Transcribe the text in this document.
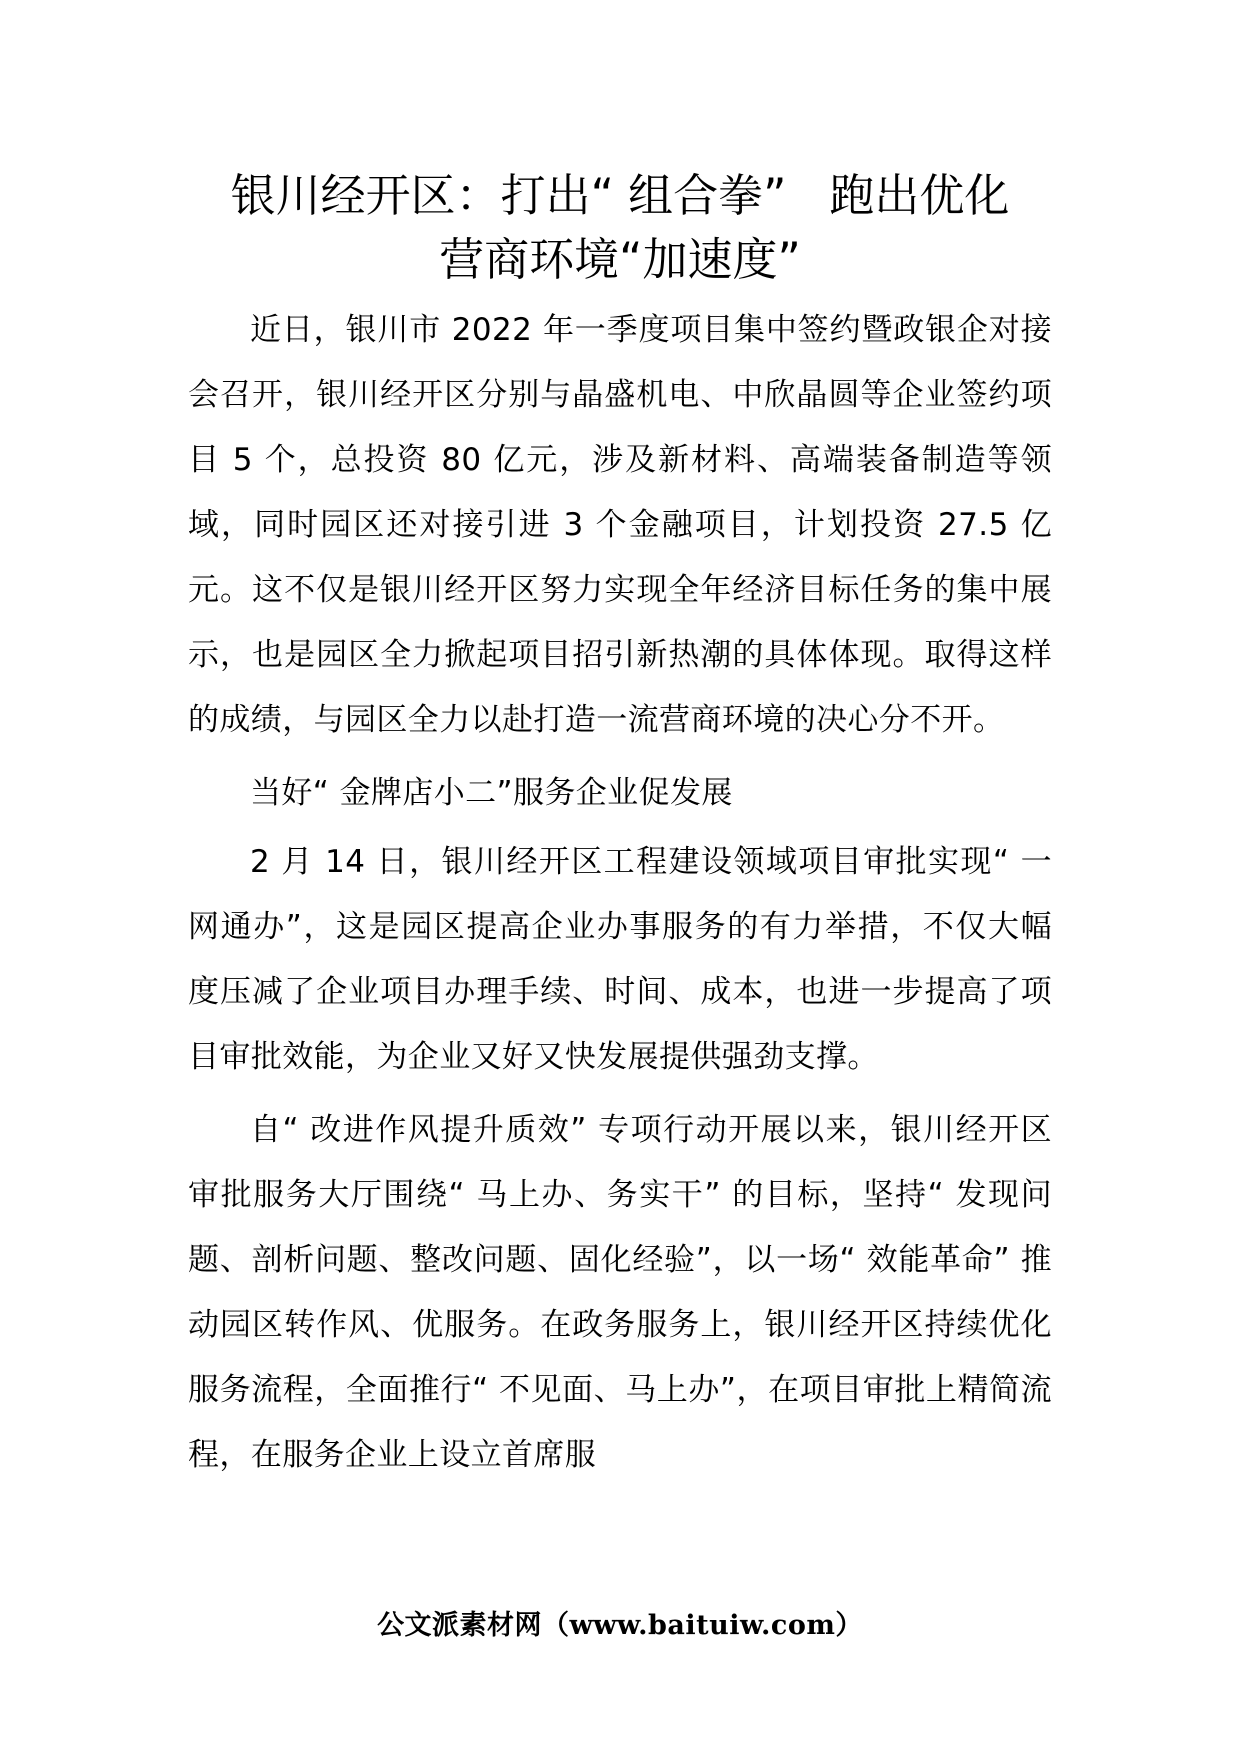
银川经开区：打出“ 组合拳”   跑出优化
营商环境“加速度”

近日，银川市 2022 年一季度项目集中签约暨政银企对接会召开，银川经开区分别与晶盛机电、中欣晶圆等企业签约项目 5 个，总投资 80 亿元，涉及新材料、高端装备制造等领域，同时园区还对接引进 3 个金融项目，计划投资 27.5 亿元。这不仅是银川经开区努力实现全年经济目标任务的集中展示，也是园区全力掀起项目招引新热潮的具体体现。取得这样的成绩，与园区全力以赴打造一流营商环境的决心分不开。

当好“ 金牌店小二”服务企业促发展

2 月 14 日，银川经开区工程建设领域项目审批实现“ 一网通办”，这是园区提高企业办事服务的有力举措，不仅大幅度压减了企业项目办理手续、时间、成本，也进一步提高了项目审批效能，为企业又好又快发展提供强劲支撑。

自“ 改进作风提升质效” 专项行动开展以来，银川经开区审批服务大厅围绕“ 马上办、务实干” 的目标，坚持“ 发现问题、剖析问题、整改问题、固化经验”，以一场“ 效能革命” 推动园区转作风、优服务。在政务服务上，银川经开区持续优化服务流程，全面推行“ 不见面、马上办”，在项目审批上精简流程，在服务企业上设立首席服

公文派素材网（www.baituiw.com）
